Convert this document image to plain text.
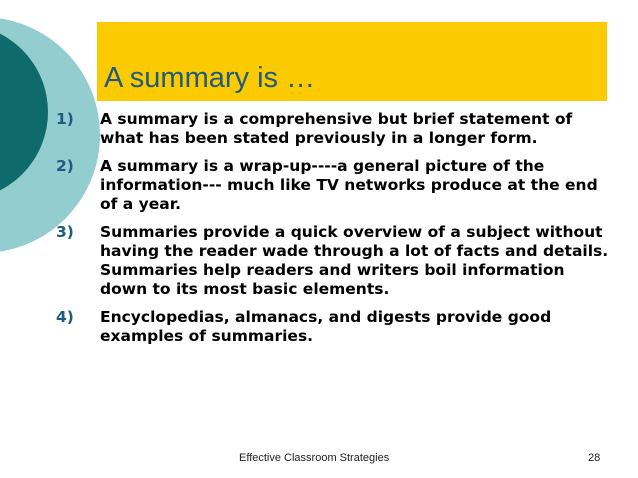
A summary is …
1)	A summary is a comprehensive but brief statement of what has been stated previously in a longer form.
2)	A summary is a wrap-up----a general picture of the information--- much like TV networks produce at the end of a year.
3)	Summaries provide a quick overview of a subject without having the reader wade through a lot of facts and details. Summaries help readers and writers boil information down to its most basic elements.
4)	Encyclopedias, almanacs, and digests provide good examples of summaries.
Effective Classroom Strategies	28
